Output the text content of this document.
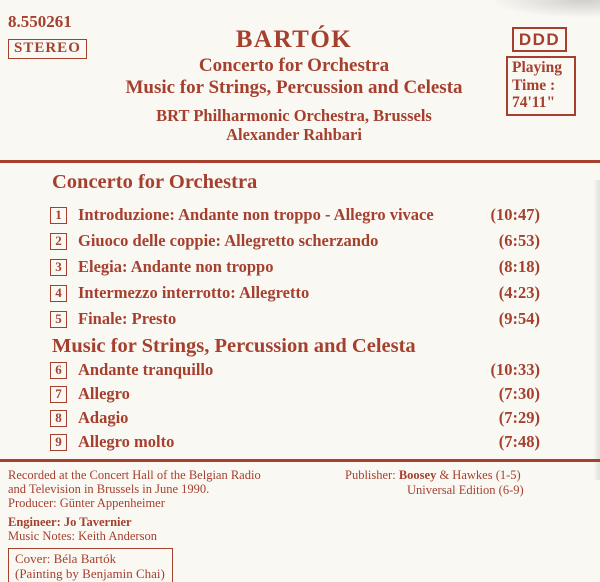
8.550261
STEREO	BARTÓK
Concerto for Orchestra
Music for Strings, Percussion and Celesta
BRT Philharmonic Orchestra, Brussels
Alexander Rahbari
DDD
Playing
Time :
74'11"
Concerto for Orchestra
1 Introduzione: Andante non troppo - Allegro vivace	(10:47)
2 Giuoco delle coppie: Allegretto scherzando	(6:53)
3 Elegia: Andante non troppo	(8:18)
4 Intermezzo interrotto: Allegretto	(4:23)
5 Finale: Presto	(9:54)
Music for Strings, Percussion and Celesta
6 Andante tranquillo	(10:33)
7 Allegro	(7:30)
8 Adagio	(7:29)
9 Allegro molto	(7:48)
Recorded at the Concert Hall of the Belgian Radio
and Television in Brussels in June 1990.
Producer: Günter Appenheimer
Engineer: Jo Tavernier
Music Notes: Keith Anderson
Cover: Béla Bartók
(Painting by Benjamin Chai)
Publisher: Boosey & Hawkes (1-5)
Universal Edition (6-9)
